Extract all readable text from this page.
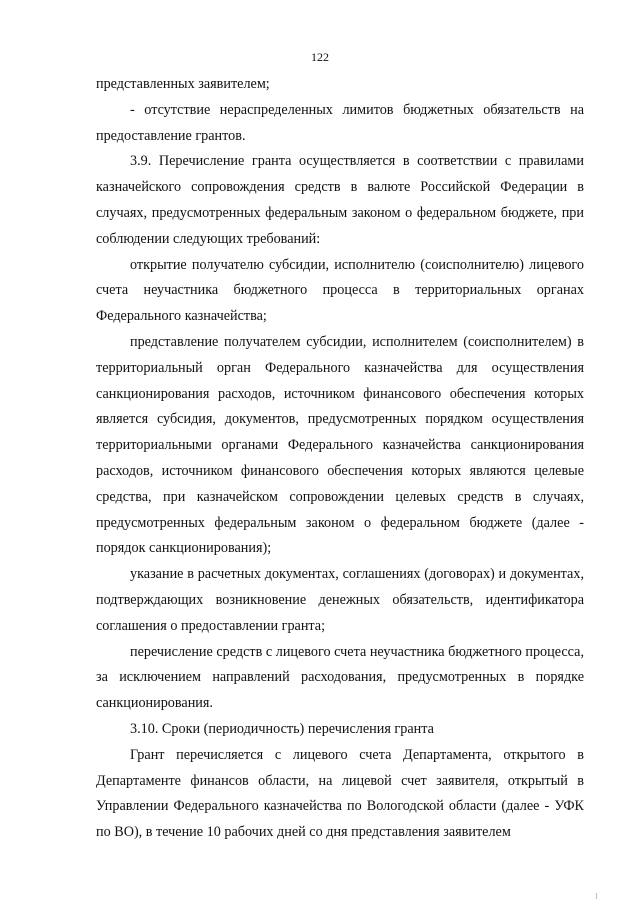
122

представленных заявителем;

- отсутствие нераспределенных лимитов бюджетных обязательств на предоставление грантов.

3.9. Перечисление гранта осуществляется в соответствии с правилами казначейского сопровождения средств в валюте Российской Федерации в случаях, предусмотренных федеральным законом о федеральном бюджете, при соблюдении следующих требований:

открытие получателю субсидии, исполнителю (соисполнителю) лицевого счета неучастника бюджетного процесса в территориальных органах Федерального казначейства;

представление получателем субсидии, исполнителем (соисполнителем) в территориальный орган Федерального казначейства для осуществления санкционирования расходов, источником финансового обеспечения которых является субсидия, документов, предусмотренных порядком осуществления территориальными органами Федерального казначейства санкционирования расходов, источником финансового обеспечения которых являются целевые средства, при казначейском сопровождении целевых средств в случаях, предусмотренных федеральным законом о федеральном бюджете (далее - порядок санкционирования);

указание в расчетных документах, соглашениях (договорах) и документах, подтверждающих возникновение денежных обязательств, идентификатора соглашения о предоставлении гранта;

перечисление средств с лицевого счета неучастника бюджетного процесса, за исключением направлений расходования, предусмотренных в порядке санкционирования.

3.10. Сроки (периодичность) перечисления гранта

Грант перечисляется с лицевого счета Департамента, открытого в Департаменте финансов области, на лицевой счет заявителя, открытый в Управлении Федерального казначейства по Вологодской области (далее - УФК по ВО), в течение 10 рабочих дней со дня представления заявителем
